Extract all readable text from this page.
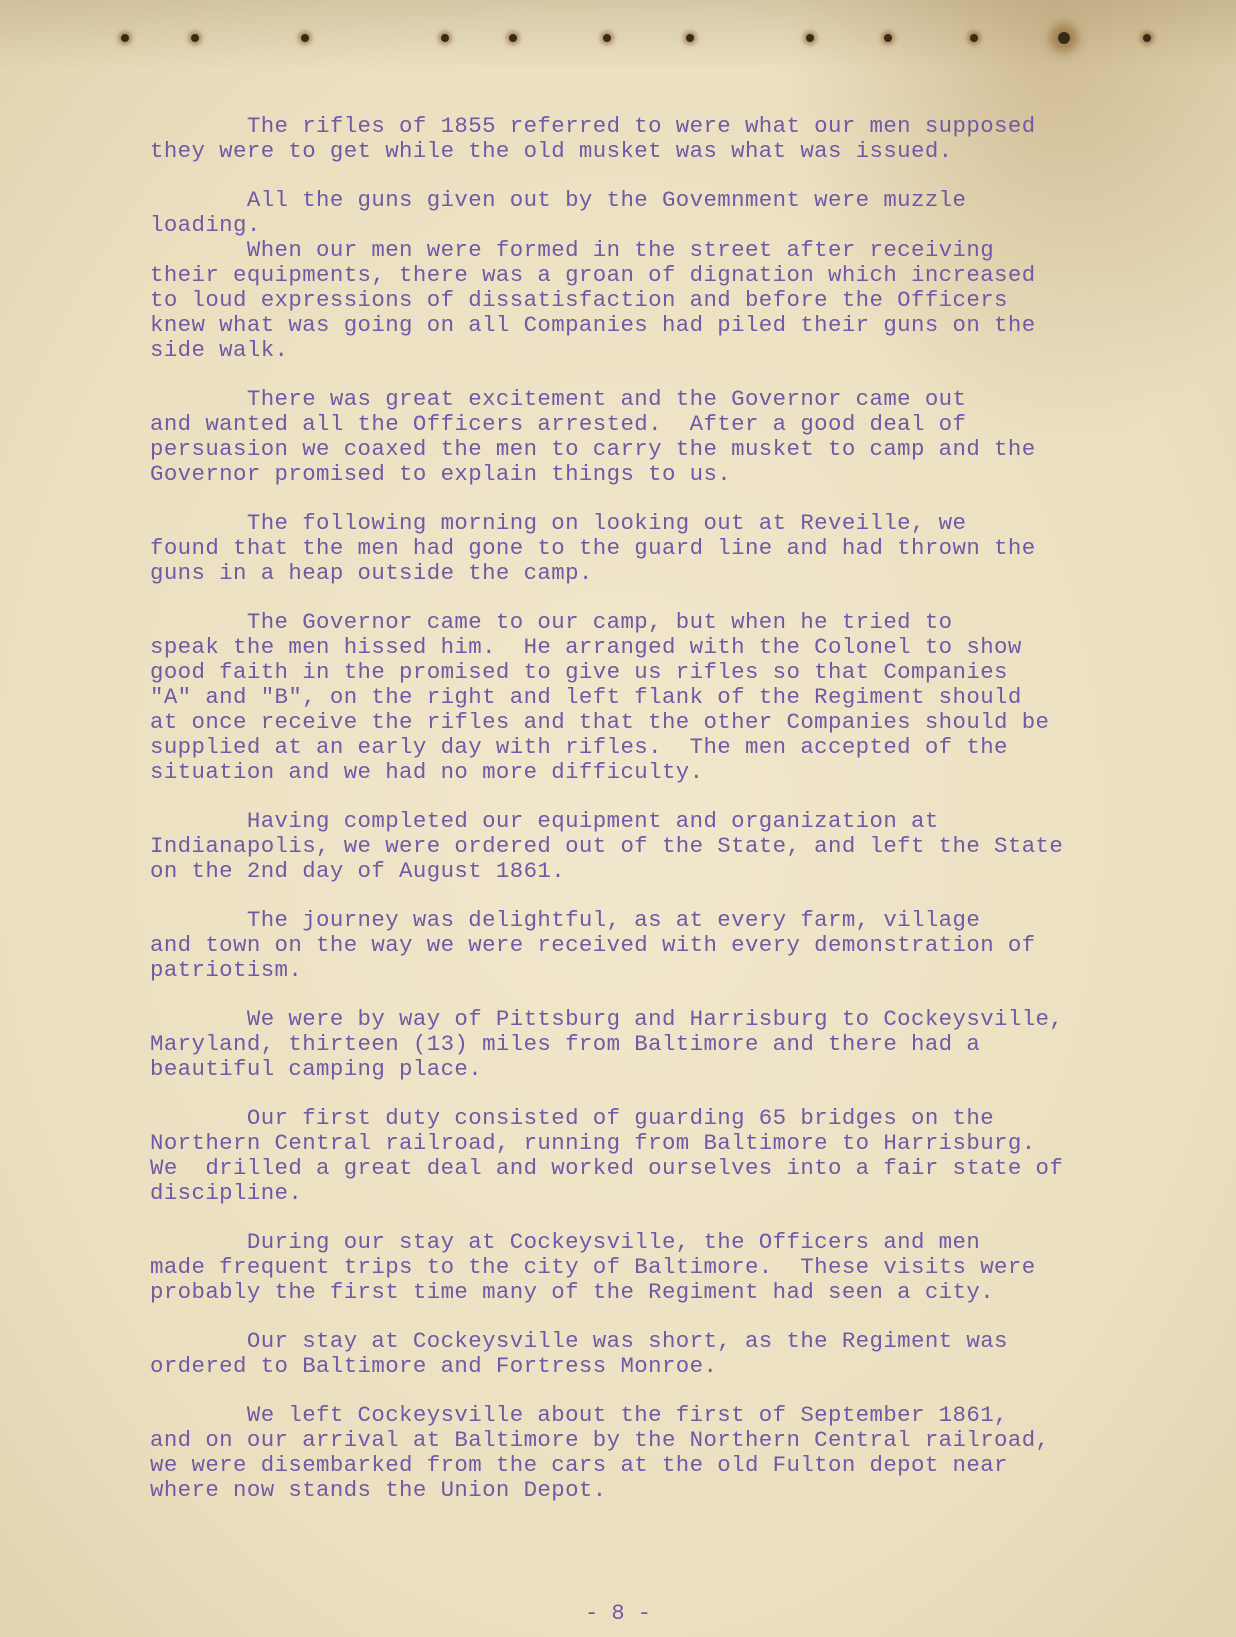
The rifles of 1855 referred to were what our men supposed
they were to get while the old musket was what was issued.
All the guns given out by the Govemnment were muzzle
loading.
When our men were formed in the street after receiving
their equipments, there was a groan of dignation which increased
to loud expressions of dissatisfaction and before the Officers
knew what was going on all Companies had piled their guns on the
side walk.
There was great excitement and the Governor came out
and wanted all the Officers arrested.  After a good deal of
persuasion we coaxed the men to carry the musket to camp and the
Governor promised to explain things to us.
The following morning on looking out at Reveille, we
found that the men had gone to the guard line and had thrown the
guns in a heap outside the camp.
The Governor came to our camp, but when he tried to
speak the men hissed him.  He arranged with the Colonel to show
good faith in the promised to give us rifles so that Companies
"A" and "B", on the right and left flank of the Regiment should
at once receive the rifles and that the other Companies should be
supplied at an early day with rifles.  The men accepted of the
situation and we had no more difficulty.
Having completed our equipment and organization at
Indianapolis, we were ordered out of the State, and left the State
on the 2nd day of August 1861.
The journey was delightful, as at every farm, village
and town on the way we were received with every demonstration of
patriotism.
We were by way of Pittsburg and Harrisburg to Cockeysville,
Maryland, thirteen (13) miles from Baltimore and there had a
beautiful camping place.
Our first duty consisted of guarding 65 bridges on the
Northern Central railroad, running from Baltimore to Harrisburg.
We  drilled a great deal and worked ourselves into a fair state of
discipline.
During our stay at Cockeysville, the Officers and men
made frequent trips to the city of Baltimore.  These visits were
probably the first time many of the Regiment had seen a city.
Our stay at Cockeysville was short, as the Regiment was
ordered to Baltimore and Fortress Monroe.
We left Cockeysville about the first of September 1861,
and on our arrival at Baltimore by the Northern Central railroad,
we were disembarked from the cars at the old Fulton depot near
where now stands the Union Depot.
- 8 -
